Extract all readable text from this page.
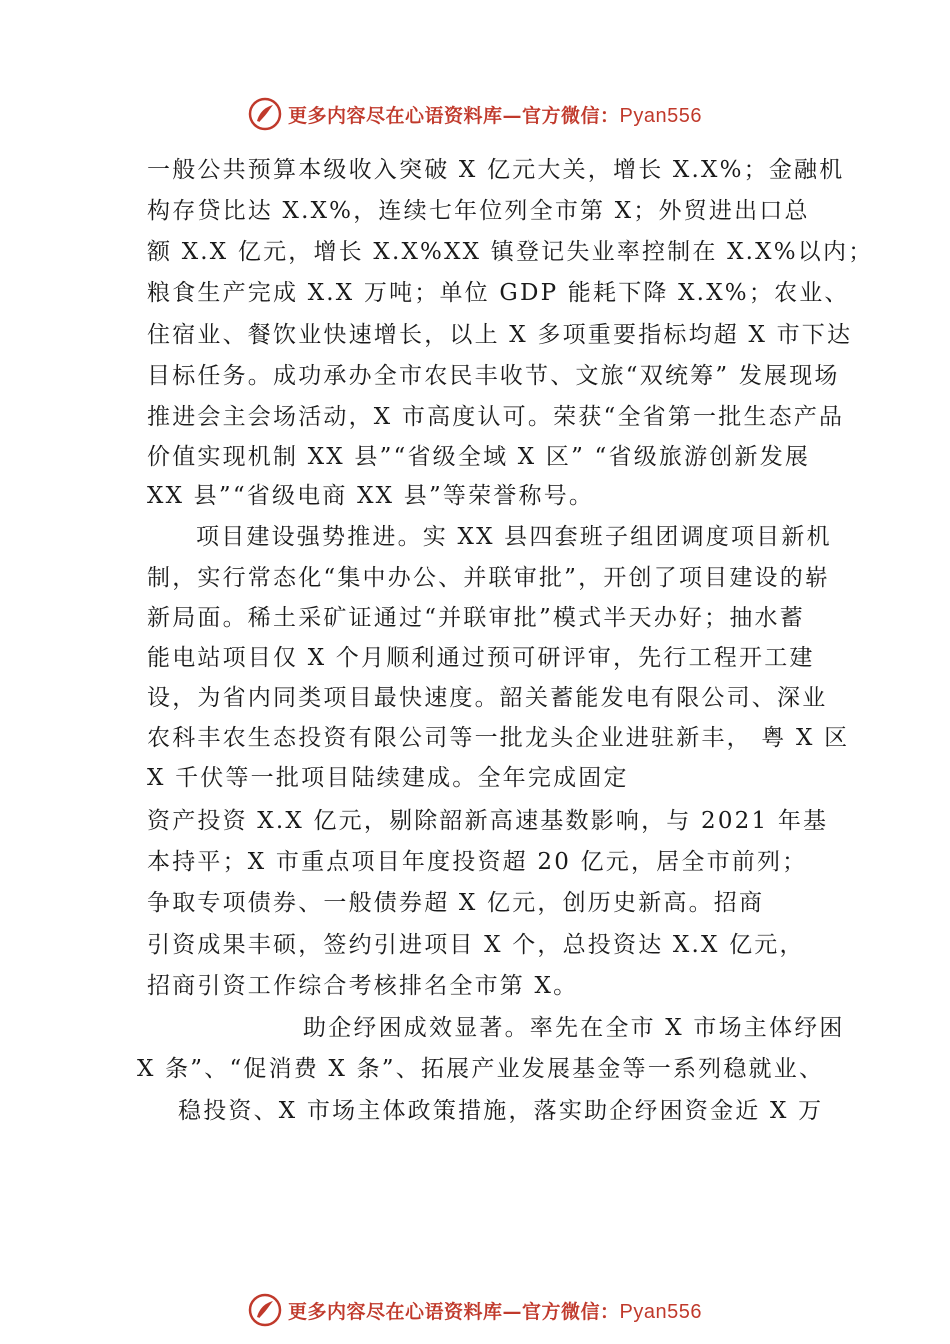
更多内容尽在心语资料库—官方微信：Pyan556
一般公共预算本级收入突破 X 亿元大关，增长 X.X%；金融机
构存贷比达 X.X%，连续七年位列全市第 X；外贸进出口总
额 X.X 亿元，增长 X.X%XX 镇登记失业率控制在 X.X%以内；
粮食生产完成 X.X 万吨；单位 GDP 能耗下降 X.X%；农业、
住宿业、餐饮业快速增长，以上 X 多项重要指标均超 X 市下达
目标任务。成功承办全市农民丰收节、文旅“双统筹” 发展现场
推进会主会场活动，X 市高度认可。荣获“全省第一批生态产品
价值实现机制 XX 县”“省级全域 X 区” “省级旅游创新发展
XX 县”“省级电商 XX 县”等荣誉称号。
项目建设强势推进。实 XX 县四套班子组团调度项目新机
制，实行常态化“集中办公、并联审批”，开创了项目建设的崭
新局面。稀土采矿证通过“并联审批”模式半天办好；抽水蓄
能电站项目仅 X 个月顺利通过预可研评审，先行工程开工建
设，为省内同类项目最快速度。韶关蓄能发电有限公司、深业
农科丰农生态投资有限公司等一批龙头企业进驻新丰， 粤 X 区
X 千伏等一批项目陆续建成。全年完成固定
资产投资 X.X 亿元，剔除韶新高速基数影响，与 2021 年基
本持平；X 市重点项目年度投资超 20 亿元，居全市前列；
争取专项债券、一般债券超 X 亿元，创历史新高。招商
引资成果丰硕，签约引进项目 X 个，总投资达 X.X 亿元，
招商引资工作综合考核排名全市第 X。
助企纾困成效显著。率先在全市 X 市场主体纾困
X 条”、“促消费 X 条”、拓展产业发展基金等一系列稳就业、
稳投资、X 市场主体政策措施，落实助企纾困资金近 X 万
更多内容尽在心语资料库—官方微信：Pyan556
